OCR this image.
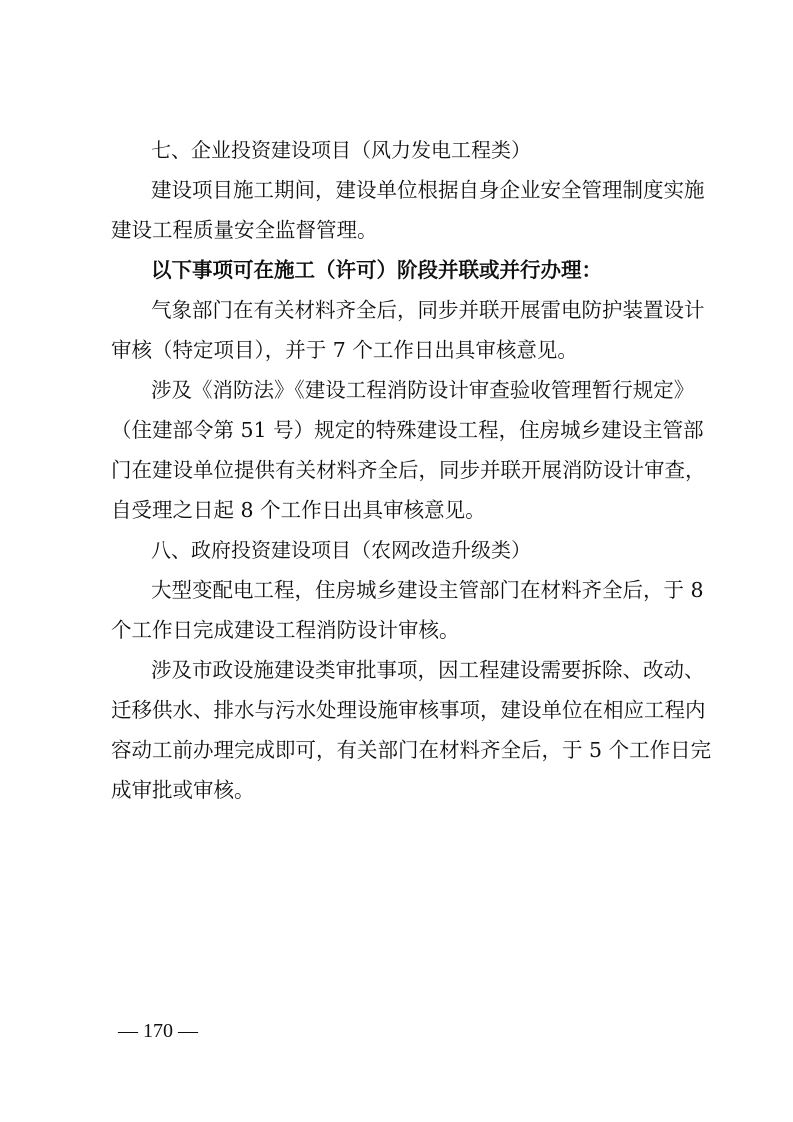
七、企业投资建设项目（风力发电工程类）
建设项目施工期间，建设单位根据自身企业安全管理制度实施
建设工程质量安全监督管理。
以下事项可在施工（许可）阶段并联或并行办理：
气象部门在有关材料齐全后，同步并联开展雷电防护装置设计
审核（特定项目），并于 7 个工作日出具审核意见。
涉及《消防法》《建设工程消防设计审查验收管理暂行规定》
（住建部令第 51 号）规定的特殊建设工程，住房城乡建设主管部
门在建设单位提供有关材料齐全后，同步并联开展消防设计审查，
自受理之日起 8 个工作日出具审核意见。
八、政府投资建设项目（农网改造升级类）
大型变配电工程，住房城乡建设主管部门在材料齐全后，于 8
个工作日完成建设工程消防设计审核。
涉及市政设施建设类审批事项，因工程建设需要拆除、改动、
迁移供水、排水与污水处理设施审核事项，建设单位在相应工程内
容动工前办理完成即可，有关部门在材料齐全后，于 5 个工作日完
成审批或审核。
— 170 —
